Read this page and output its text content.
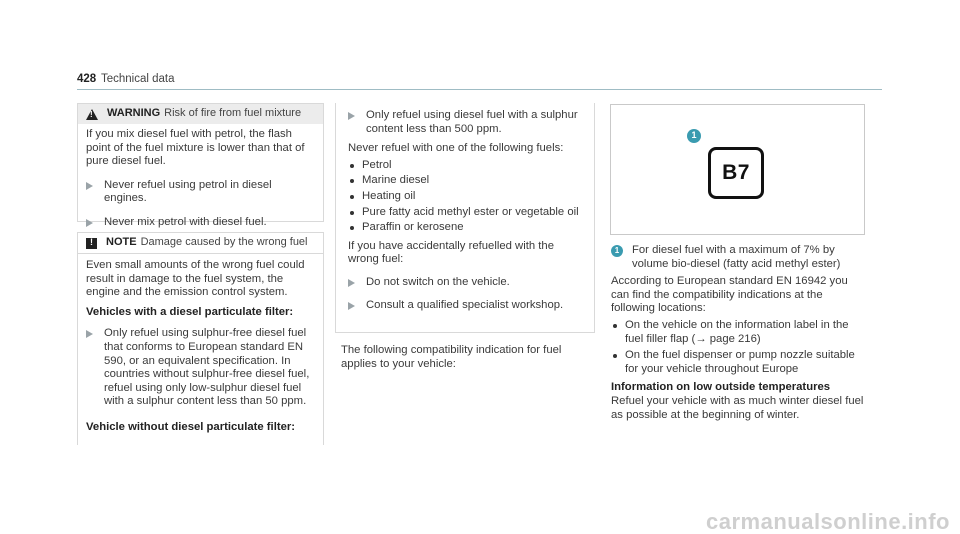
428 Technical data
!
WARNING Risk of fire from fuel mixture

If you mix diesel fuel with petrol, the flash point of the fuel mixture is lower than that of pure diesel fuel.

Never refuel using petrol in diesel engines.

Never mix petrol with diesel fuel.

!	NOTE Damage caused by the wrong fuel

Even small amounts of the wrong fuel could result in damage to the fuel system, the engine and the emission control system.

Vehicles with a diesel particulate filter:

Only refuel using sulphur-free diesel fuel that conforms to European standard EN 590, or an equivalent specification. In countries without sulphur-free diesel fuel, refuel using only low-sulphur diesel fuel with a sulphur content less than 50 ppm.

Vehicle without diesel particulate filter:

Only refuel using diesel fuel with a sulphur content less than 500 ppm.

Never refuel with one of the following fuels:

Petrol

Marine diesel

Heating oil

Pure fatty acid methyl ester or vegetable oil

Paraffin or kerosene

If you have accidentally refuelled with the wrong fuel:

Do not switch on the vehicle.

Consult a qualified specialist workshop.

The following compatibility indication for fuel applies to your vehicle:

1
B7
1	For diesel fuel with a maximum of 7% by volume bio-diesel (fatty acid methyl ester)

According to European standard EN 16942 you can find the compatibility indications at the following locations:

On the vehicle on the information label in the fuel filler flap (→ page 216)

On the fuel dispenser or pump nozzle suitable for your vehicle throughout Europe

Information on low outside temperatures

Refuel your vehicle with as much winter diesel fuel as possible at the beginning of winter.

carmanualsonline.info
